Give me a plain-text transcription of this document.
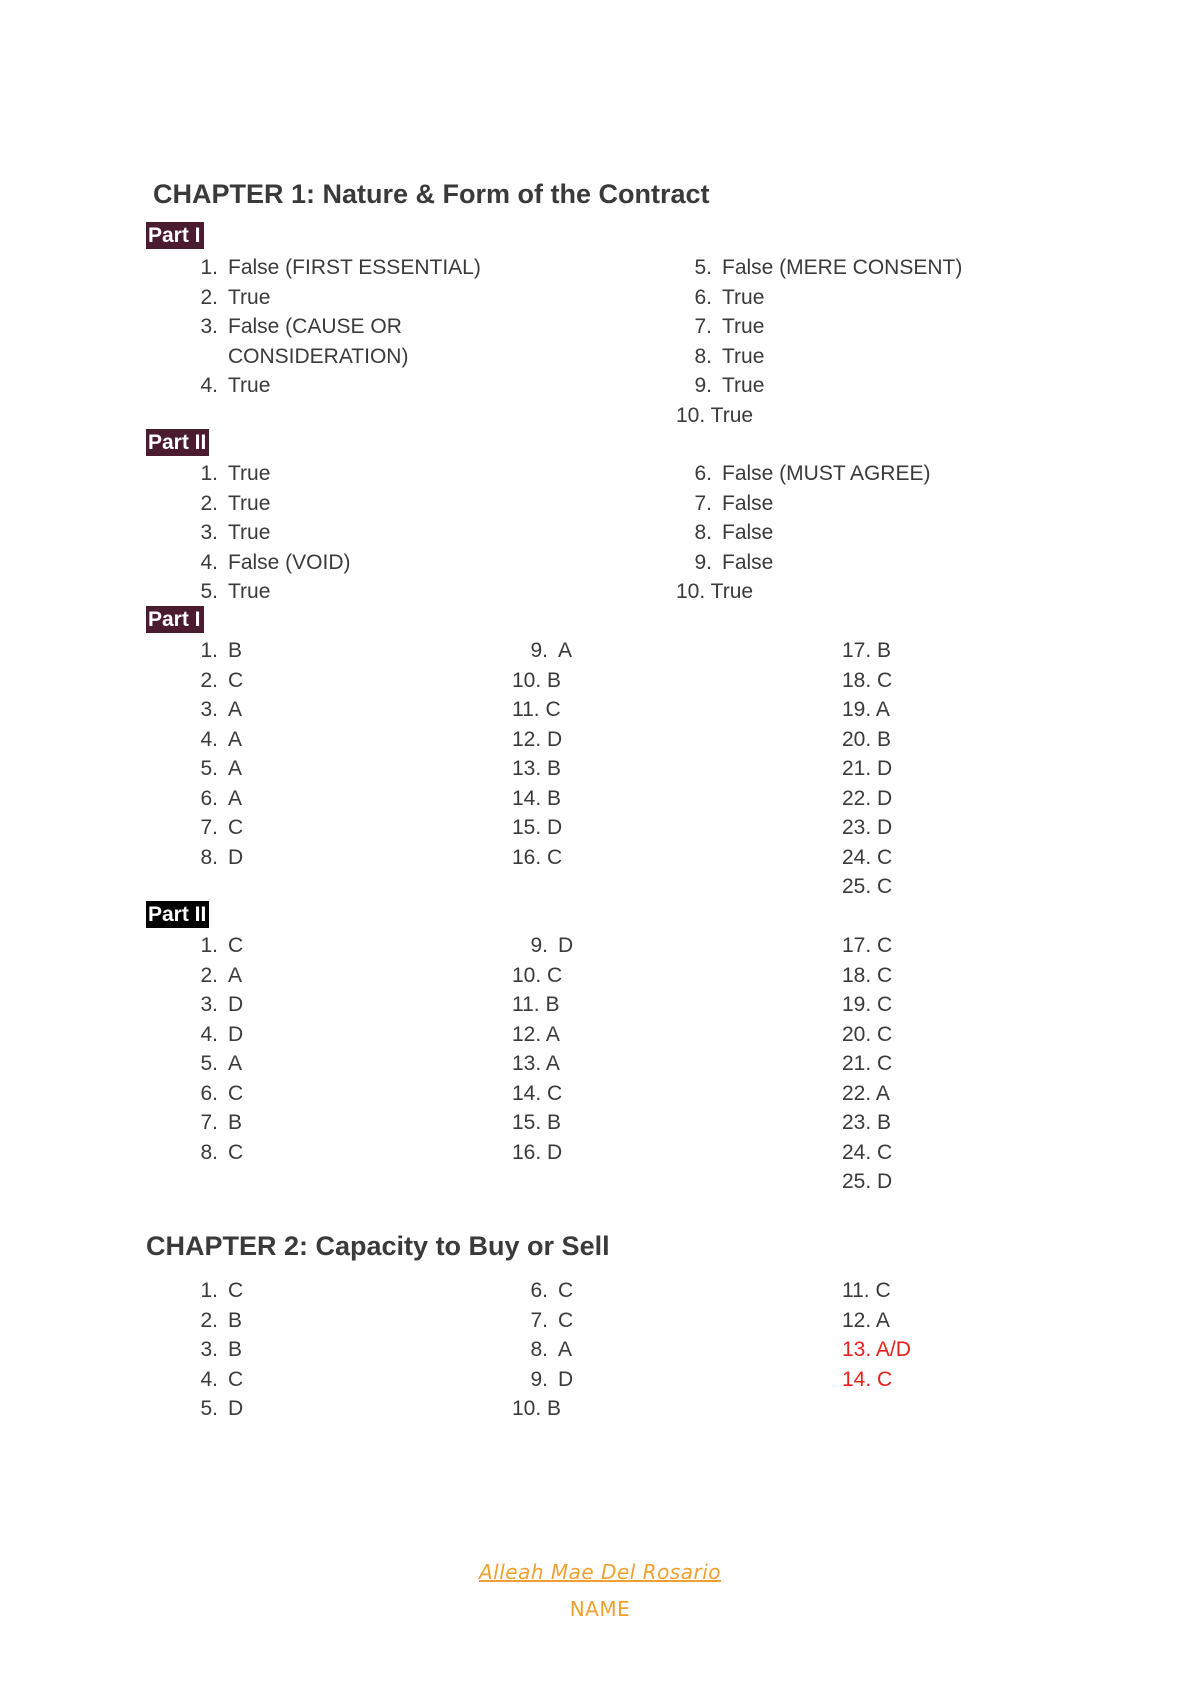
CHAPTER 1: Nature & Form of the Contract
Part I
1. False (FIRST ESSENTIAL)
2. True
3. False (CAUSE OR CONSIDERATION)
4. True
5. False (MERE CONSENT)
6. True
7. True
8. True
9. True
10. True
Part II
1. True
2. True
3. True
4. False (VOID)
5. True
6. False (MUST AGREE)
7. False
8. False
9. False
10. True
Part I
1. B
2. C
3. A
4. A
5. A
6. A
7. C
8. D
9. A
10. B
11. C
12. D
13. B
14. B
15. D
16. C
17. B
18. C
19. A
20. B
21. D
22. D
23. D
24. C
25. C
Part II
1. C
2. A
3. D
4. D
5. A
6. C
7. B
8. C
9. D
10. C
11. B
12. A
13. A
14. C
15. B
16. D
17. C
18. C
19. C
20. C
21. C
22. A
23. B
24. C
25. D
CHAPTER 2: Capacity to Buy or Sell
1. C
2. B
3. B
4. C
5. D
6. C
7. C
8. A
9. D
10. B
11. C
12. A
13. A/D
14. C
Alleah Mae Del Rosario
NAME
